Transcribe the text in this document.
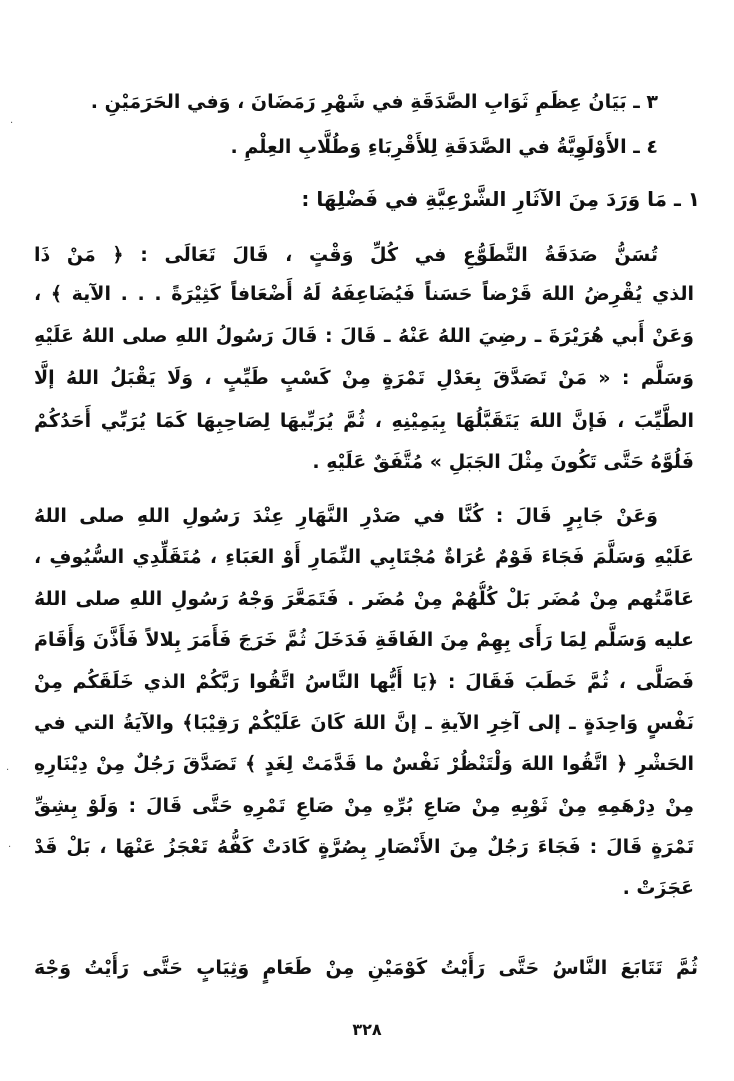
٣ ـ بَيَانُ عِظَمِ ثَوَابِ الصَّدَقَةِ في شَهْرِ رَمَضَانَ ، وَفي الحَرَمَيْنِ .
٤ ـ الأَوْلَوِيَّةُ في الصَّدَقَةِ لِلأَقْرِبَاءِ وَطُلَّابِ العِلْمِ .
١ ـ مَا وَرَدَ مِنَ الآثَارِ الشَّرْعِيَّةِ في فَضْلِهَا :
تُسَنُّ صَدَقَةُ التَّطَوُّعِ في كُلِّ وَقْتٍ ، قَالَ تَعَالَى : ﴿ مَنْ ذَا
الذي يُقْرِضُ اللهَ قَرْضاً حَسَناً فَيُضَاعِفَهُ لَهُ أَضْعَافاً كَثِيْرَةً . . . الآية ﴾ ،
وَعَنْ أَبي هُرَيْرَةَ ـ رضِيَ اللهُ عَنْهُ ـ قَالَ : قَالَ رَسُولُ اللهِ صلى اللهُ عَلَيْهِ
وَسَلَّم : « مَنْ تَصَدَّقَ بِعَدْلِ تَمْرَةٍ مِنْ كَسْبٍ طَيِّبٍ ، وَلَا يَقْبَلُ اللهُ إلَّا
الطَّيِّبَ ، فَإنَّ اللهَ يَتَقَبَّلُهَا بِيَمِيْنِهِ ، ثُمَّ يُرَبِّيهَا لِصَاحِبِهَا كَمَا يُرَبِّي أَحَدُكُمْ
فَلُوَّهُ حَتَّى تَكُونَ مِثْلَ الجَبَلِ » مُتَّفَقٌ عَلَيْهِ .
وَعَنْ جَابِرٍ قَالَ : كُنَّا في صَدْرِ النَّهَارِ عِنْدَ رَسُولِ اللهِ صلى اللهُ
عَلَيْهِ وَسَلَّمَ فَجَاءَ قَوْمٌ عُرَاةٌ مُجْتَابِي النِّمَارِ أَوْ العَبَاءِ ، مُتَقَلِّدِي السُّيُوفِ ،
عَامَّتُهم مِنْ مُضَر بَلْ كُلُّهُمْ مِنْ مُضَر . فَتَمَعَّرَ وَجْهُ رَسُولِ اللهِ صلى اللهُ
عليه وَسَلَّم لِمَا رَأَى بِهِمْ مِنَ الفَاقَةِ فَدَخَلَ ثُمَّ خَرَجَ فَأَمَرَ بِلالاً فَأَذَّنَ وَأَقَامَ
فَصَلَّى ، ثُمَّ خَطَبَ فَقَالَ : ﴿يَا أَيُّها النَّاسُ اتَّقُوا رَبَّكُمْ الذي خَلَقَكُم مِنْ
نَفْسٍ وَاحِدَةٍ ـ إلى آخِرِ الآيةِ ـ إنَّ اللهَ كَانَ عَلَيْكُمْ رَقِيْبَا﴾ والآيَةُ التي في
الحَشْرِ ﴿ اتَّقُوا اللهَ وَلْتَنْظُرْ نَفْسٌ ما قَدَّمَتْ لِغَدٍ ﴾ تَصَدَّقَ رَجُلٌ مِنْ دِيْنَارِهِ
مِنْ دِرْهَمِهِ مِنْ ثَوْبِهِ مِنْ صَاعِ بُرِّهِ مِنْ صَاعِ تَمْرِهِ حَتَّى قَالَ : وَلَوْ بِشِقِّ
تَمْرَةٍ قَالَ : فَجَاءَ رَجُلٌ مِنَ الأَنْصَارِ بِصُرَّةٍ كَادَتْ كَفُّهُ تَعْجَزُ عَنْهَا ، بَلْ قَدْ
عَجَزَتْ .
ثُمَّ تَتَابَعَ النَّاسُ حَتَّى رَأَيْتُ كَوْمَيْنِ مِنْ طَعَامٍ وَثِيَابٍ حَتَّى رَأَيْتُ وَجْهَ
٣٢٨
·
·
·
